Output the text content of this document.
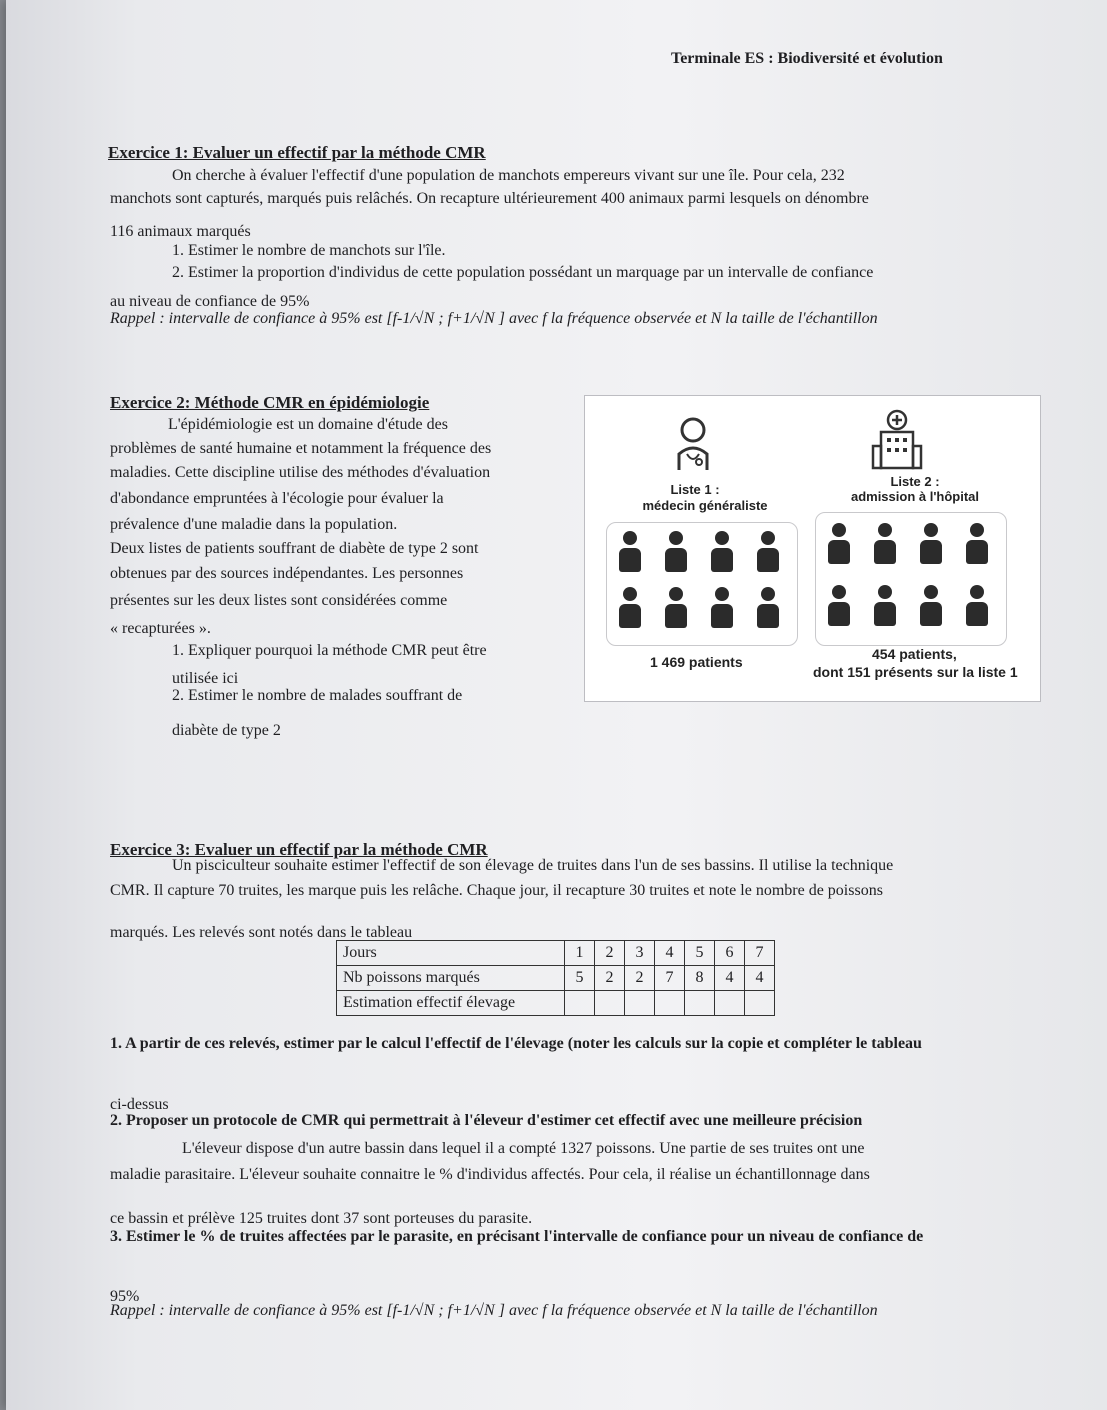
Terminale ES : Biodiversité et évolution
Exercice 1: Evaluer un effectif par la méthode CMR
On cherche à évaluer l'effectif d'une population de manchots empereurs vivant sur une île. Pour cela, 232
manchots sont capturés, marqués puis relâchés. On recapture ultérieurement 400 animaux parmi lesquels on dénombre
116 animaux marqués
1. Estimer le nombre de manchots sur l'île.
2. Estimer la proportion d'individus de cette population possédant un marquage par un intervalle de confiance
au niveau de confiance de 95%
Rappel : intervalle de confiance à 95% est [f-1/√N ; f+1/√N ] avec f la fréquence observée et N la taille de l'échantillon
Exercice 2: Méthode CMR en épidémiologie
L'épidémiologie est un domaine d'étude des
problèmes de santé humaine et notamment la fréquence des
maladies. Cette discipline utilise des méthodes d'évaluation
d'abondance empruntées à l'écologie pour évaluer la
prévalence d'une maladie dans la population.
Deux listes de patients souffrant de diabète de type 2 sont
obtenues par des sources indépendantes. Les personnes
présentes sur les deux listes sont considérées comme
« recapturées ».
1. Expliquer pourquoi la méthode CMR peut être
utilisée ici
2. Estimer le nombre de malades souffrant de
diabète de type 2
Liste 1 :
médecin généraliste
Liste 2 :
admission à l'hôpital
1 469 patients	454 patients,
dont 151 présents sur la liste 1
Exercice 3: Evaluer un effectif par la méthode CMR
Un pisciculteur souhaite estimer l'effectif de son élevage de truites dans l'un de ses bassins. Il utilise la technique
CMR. Il capture 70 truites, les marque puis les relâche. Chaque jour, il recapture 30 truites et note le nombre de poissons
marqués. Les relevés sont notés dans le tableau
Jours	1	2	3	4	5	6	7
Nb poissons marqués	5	2	2	7	8	4	4
Estimation effectif élevage							
1. A partir de ces relevés, estimer par le calcul l'effectif de l'élevage (noter les calculs sur la copie et compléter le tableau
ci-dessus
2. Proposer un protocole de CMR qui permettrait à l'éleveur d'estimer cet effectif avec une meilleure précision
L'éleveur dispose d'un autre bassin dans lequel il a compté 1327 poissons. Une partie de ses truites ont une
maladie parasitaire. L'éleveur souhaite connaitre le % d'individus affectés. Pour cela, il réalise un échantillonnage dans
ce bassin et prélève 125 truites dont 37 sont porteuses du parasite.
3. Estimer le % de truites affectées par le parasite, en précisant l'intervalle de confiance pour un niveau de confiance de
95%
Rappel : intervalle de confiance à 95% est [f-1/√N ; f+1/√N ] avec f la fréquence observée et N la taille de l'échantillon
